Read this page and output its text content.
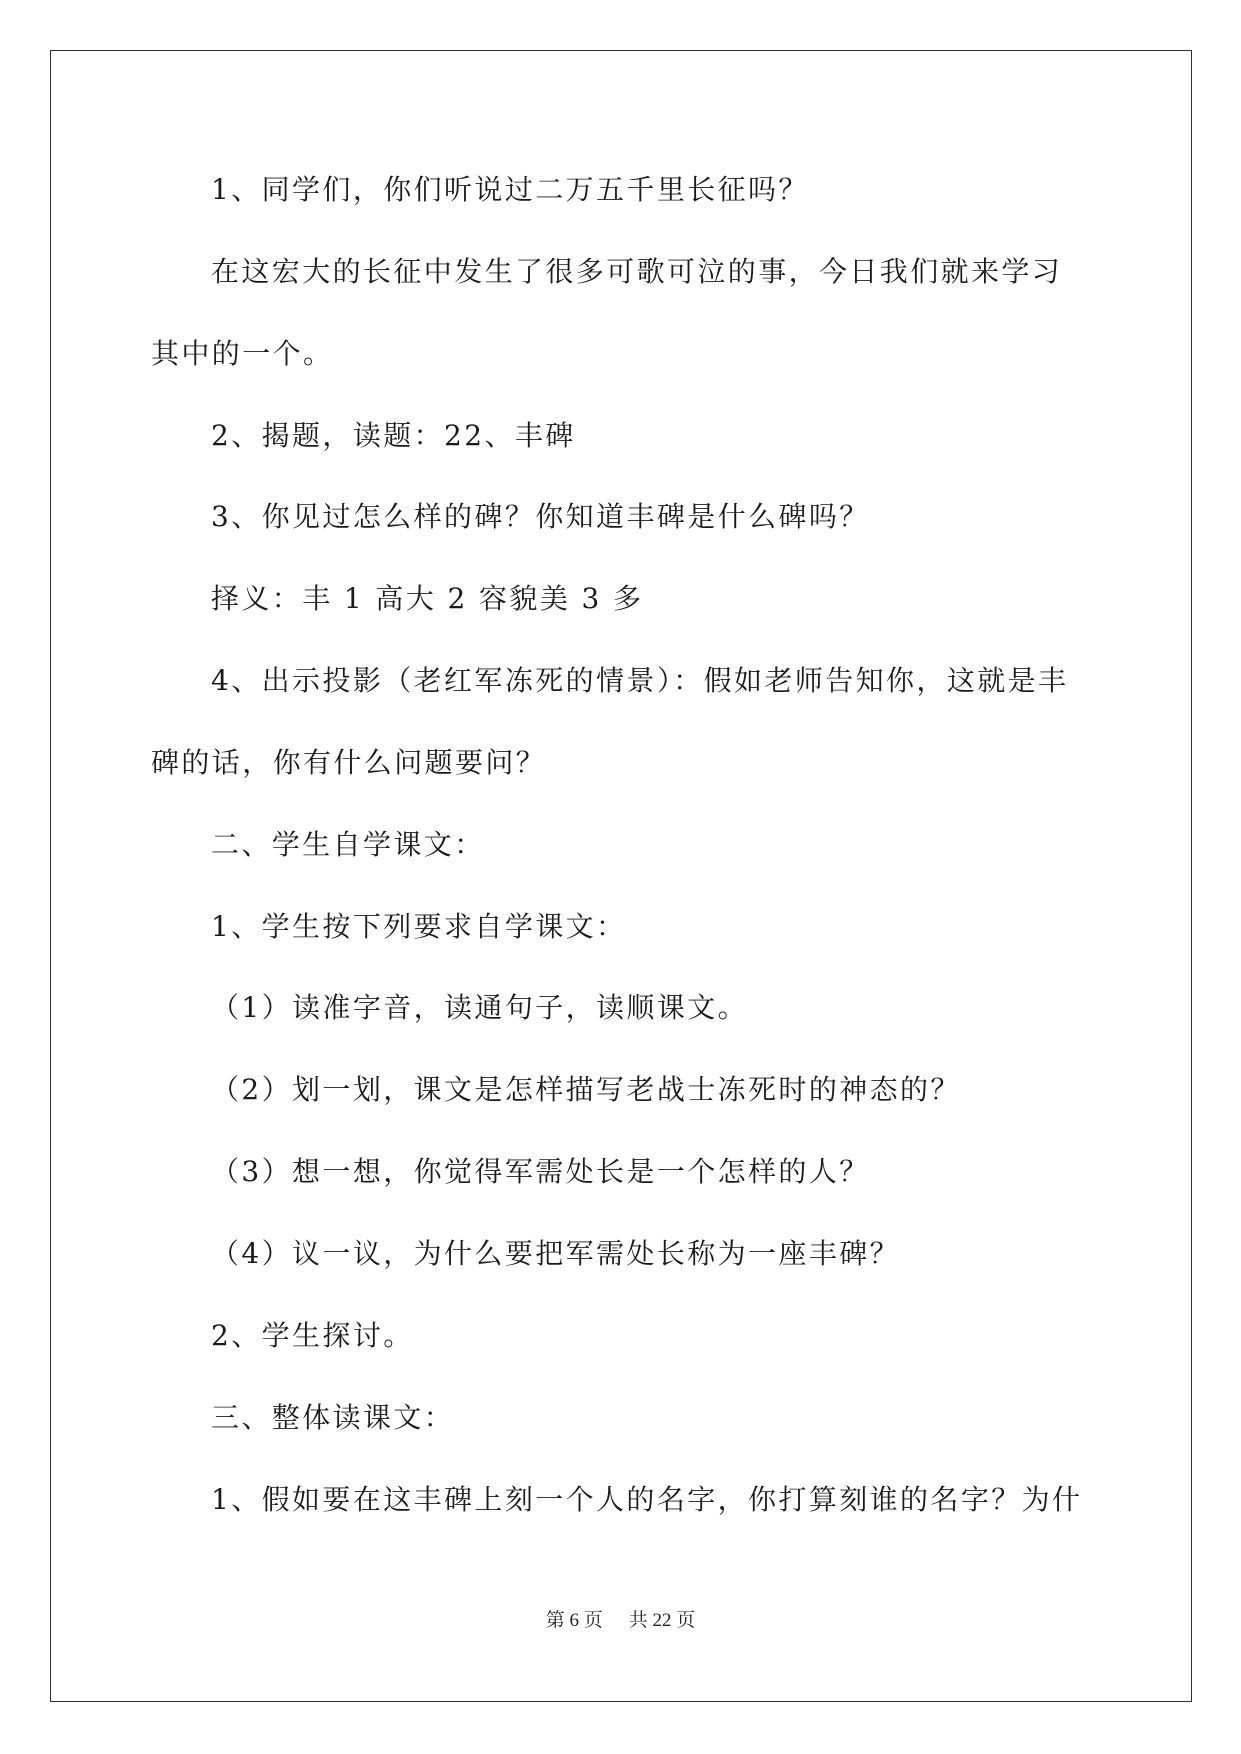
1、同学们，你们听说过二万五千里长征吗？

在这宏大的长征中发生了很多可歌可泣的事，今日我们就来学习

其中的一个。

2、揭题，读题：22、丰碑

3、你见过怎么样的碑？你知道丰碑是什么碑吗？

择义：丰 1 高大 2 容貌美 3 多

4、出示投影（老红军冻死的情景）：假如老师告知你，这就是丰

碑的话，你有什么问题要问？

二、学生自学课文：

1、学生按下列要求自学课文：

（1）读准字音，读通句子，读顺课文。

（2）划一划，课文是怎样描写老战士冻死时的神态的？

（3）想一想，你觉得军需处长是一个怎样的人？

（4）议一议，为什么要把军需处长称为一座丰碑？

2、学生探讨。

三、整体读课文：

1、假如要在这丰碑上刻一个人的名字，你打算刻谁的名字？为什

第 6 页 共 22 页
